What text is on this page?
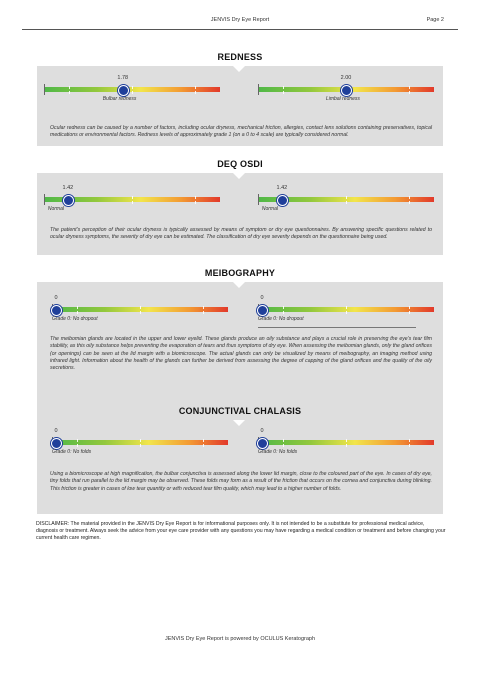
JENVIS Dry Eye Report	Page 2
REDNESS
Ocular redness can be caused by a number of factors, including ocular dryness, mechanical friction, allergies, contact lens solutions containing preservatives, topical medications or environmental factors. Redness levels of approximately grade 1 (on a 0 to 4 scale) are typically considered normal.
DEQ OSDI
The patient's perception of their ocular dryness is typically assessed by means of symptom or dry eye questionnaires. By answering specific questions related to ocular dryness symptoms, the severity of dry eye can be estimated. The classification of dry eye severity depends on the questionnaire being used.
MEIBOGRAPHY
The meibomian glands are located in the upper and lower eyelid. These glands produce an oily substance and plays a crucial role in preserving the eye's tear film stability, as this oily substance helps preventing the evaporation of tears and thus symptoms of dry eye. When assessing the meibomian glands, only the gland orifices (or openings) can be seen at the lid margin with a biomicroscope. The actual glands can only be visualized by means of meibography, an imaging method using infrared light. Information about the health of the glands can further be derived from assessing the degree of capping of the gland orifices and the quality of the oily secretions.
CONJUNCTIVAL CHALASIS
Using a biomicroscope at high magnification, the bulbar conjunctiva is assessed along the lower lid margin, close to the coloured part of the eye. In cases of dry eye, tiny folds that run parallel to the lid margin may be observed. These folds may form as a result of the friction that occurs on the cornea and conjunctiva during blinking. This friction is greater in cases of low tear quantity or with reduced tear film quality, which may lead to a higher number of folds.
DISCLAIMER: The material provided in the JENVIS Dry Eye Report is for informational purposes only. It is not intended to be a substitute for professional medical advice, diagnosis or treatment. Always seek the advice from your eye care provider with any questions you may have regarding a medical condition or treatment and before changing your current health care regimen.
JENVIS Dry Eye Report is powered by OCULUS Keratograph
1.78
Bulbar redness
2.00
Limbal redness
1.42
Normal
1.42
Normal
0
Grade 0: No dropout
0
Grade 0: No dropout
0
Grade 0: No folds
0
Grade 0: No folds
